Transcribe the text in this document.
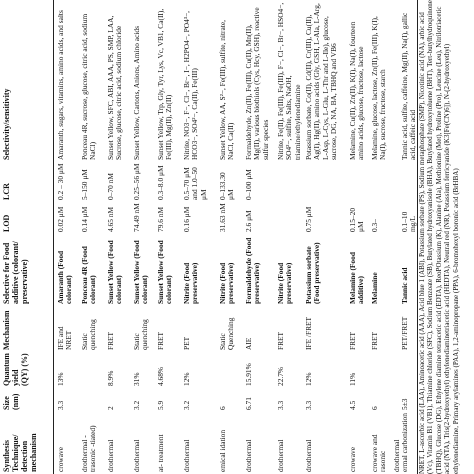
Synthesis Technique/ detection mechanism
Size (nm)
Quantum yield (QY) (%)
Mechanism
Selective for Food additive (colorant/ preservative)
LOD
LCR
Selectivity/sensitivity
crowave
3.3
13%
IFE and NRET
Amaranth (Food colorant)
0.02 μM
0.2 – 30 μM
Amaranth, sugars, vitamins, amino acids, and salts
drothermal -trasonic -tiated)
Static quenching
Ponceau 4R (Food colorant)
0.14 μM
5–150 μM
Ponceau 4R, sucrose, glucose, citric acid, sodium NaCl)
drothermal
2
8.9%
FRET
Sunset Yellow (Food colorant)
4.65 nM
0–70 nM
Sunset Yellow, SFC, ABI, AAA, PS, SMP, LAA, Sucrose, glucose, citric acid, sodium chloride
drothermal
3.2
31%
Static quenching
Sunset Yellow (Food colorant)
74.49 nM
0.25–56 μM
Sunset Yellow, Cartons, Anions, Amino acids
at- treatment
5.9
4.68%
FRET
Sunset Yellow (Food colorant)
79.6 nM
0.3–8.0 μM
Sunset Yellow, Trp, Gly, Tyr, Lys, Vc, VB1, Ca(II), Fe(III), Mg(II), Zn(II)
drothermal
3.2
12%
PET
Nitrite (Food preservative)
0.16 μM
0.5–70 μM and 1.0–50 μM
Nitrite, NO3−, F−, Cl−, Br−, I−, H2PO4−, PO4³−, HCO3−, SO4²−, Ca(II), Fe(III)
emical idation
6
Static Quenching
Nitrite (Food preservative)
31.63 nM
0–133.30 μM
Sunset Yellow, AA, S²−, Fe(III), sulfite, nitrate, NaCl, Ca(II)
drothermal
6.71
15.91%
AIE
Formaldehyde (Food preservative)
2.6 μM
0–100 μM
Formaldehyde, Zn(II), Fe(III), Cu(II), Mn(II), Mg(II), various biothiols (Cys, Hcy, GSH), reactive sulfur species
drothermal
3.3
22.7%
FRET
Nitrite (Food preservative)
Nitrite, Fe(II), Fe(III), Fe(III), F−, Cl−, Br−, HSO4−, SO4²−, sulfite, Salts, NaOH, triamine/ethylenediamine
drothermal
3.3
12%
IFE /FRET
Potassium sorbate (Food preservative)
0.75 μM
Potassium sorbate, Co(II), Cd(II), Cr(III), Cu(II), Ag(I), Hg(II), amino acids (Gly, GSH, L-Ala, L-Arg, L-Asp, L-Cys, L-Glu, L-Thr and L-Ile), glucose, sucrose, DG, NA, BA, TBHQ and VB6
crowave
4.5
11%
FRET
Melamine (Food additive)
0.15–20 μM
Melamine, Cu(II), Zn(II), K(I), Na(I), fourteen amino acids, glucose, fructose, lactose
crowave and rasonic
6
FRET
Melamine
0.3–
Melamine, glucose, lactose, Zn(II), Fe(III), K(I), Na(I), sucrose, fructose, starch
drothermal ermal carbonization
5±3
PET/FRET
Tannic acid
0.1–10 mg/L
Tannic acid, sulfite, caffeine, Mg(II), Na(I), gallic acid, caffeic acid NRET, L-ascorbic acid (LAA), Aminoacetic acid (AAA), Acid blue 1 (ABI), Potassium sorbate (PS), Sodium metaphosphate (SMP), Nicotinic acid (NA), arbic acid (Vc), Vitamin B1 (VB1), Thiamine chloride (SFC), Sodium Benzoate (SB), Butylated hydroxyanisole (BHA), Butylated hydroxytoluene (BHT), Tert-butylhydroquinone (TBHQ), Glucose (DG), Ethylene diamine tetraacetic acid (EDTA), ReoPOtassium (K), Alanine (Ala), Methionine (Met), Proline (Pro), Leucine (Leu), Nitrilotriacetic acid (NTA), Tris(2-hydroxyethyl) ethylenediaminetriacetic acid (HEDTA), Neutral red (NR), Potassium ferricyanide (K3[Fe(CN)6]), N-(2-hydroxyethyl) ethylenediamine, Primary arylamines (PAA), 1,2-aminopropane (PPA), 6-bromohexyl boronic acid (BrHBA)
